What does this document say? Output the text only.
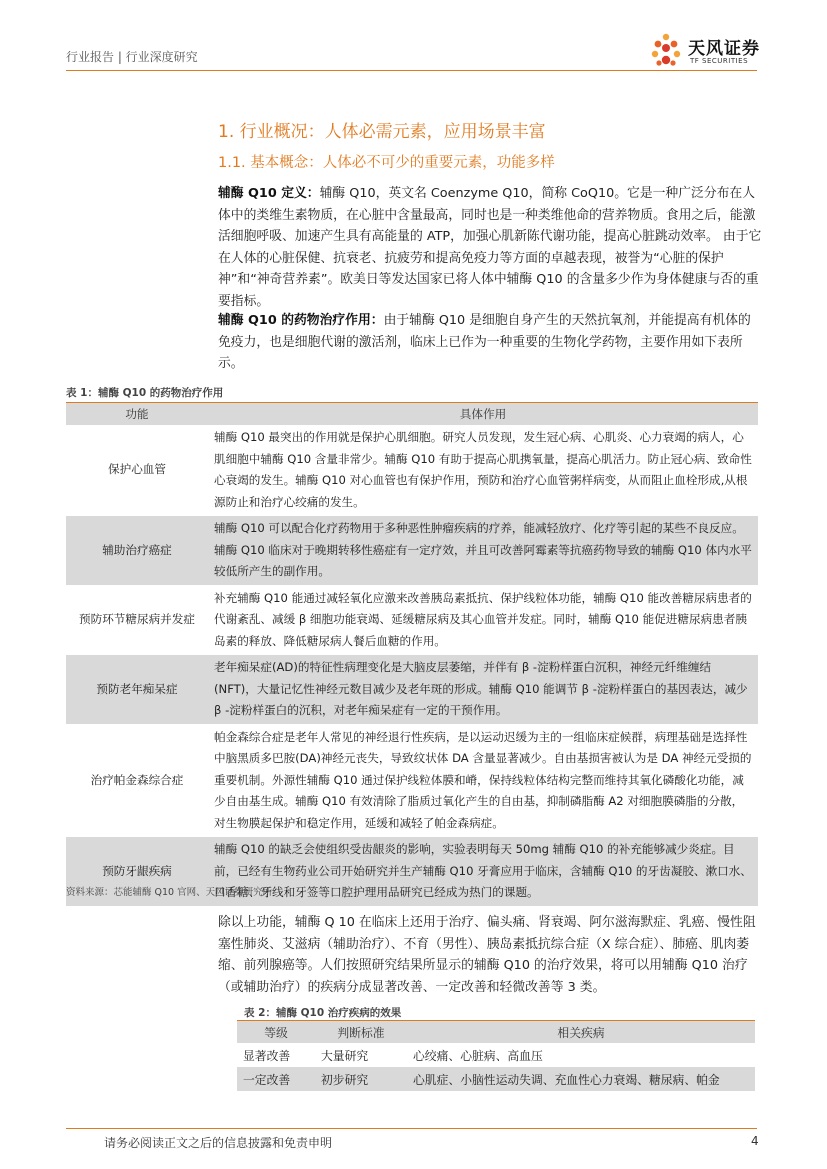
行业报告 | 行业深度研究	天风证券
TF SECURITIES
1. 行业概况：人体必需元素，应用场景丰富
1.1. 基本概念：人体必不可少的重要元素，功能多样
辅酶 Q10 定义：辅酶 Q10，英文名 Coenzyme Q10，简称 CoQ10。它是一种广泛分布在人体中的类维生素物质，在心脏中含量最高，同时也是一种类维他命的营养物质。食用之后，能激活细胞呼吸、加速产生具有高能量的 ATP，加强心肌新陈代谢功能，提高心脏跳动效率。 由于它在人体的心脏保健、抗衰老、抗疲劳和提高免疫力等方面的卓越表现，被誉为“心脏的保护神”和“神奇营养素”。欧美日等发达国家已将人体中辅酶 Q10 的含量多少作为身体健康与否的重要指标。
辅酶 Q10 的药物治疗作用：由于辅酶 Q10 是细胞自身产生的天然抗氧剂，并能提高有机体的免疫力，也是细胞代谢的激活剂，临床上已作为一种重要的生物化学药物，主要作用如下表所示。
表 1：辅酶 Q10 的药物治疗作用
功能	具体作用
保护心血管	辅酶 Q10 最突出的作用就是保护心肌细胞。研究人员发现，发生冠心病、心肌炎、心力衰竭的病人，心肌细胞中辅酶 Q10 含量非常少。辅酶 Q10 有助于提高心肌携氧量，提高心肌活力。防止冠心病、致命性心衰竭的发生。辅酶 Q10 对心血管也有保护作用，预防和治疗心血管粥样病变，从而阻止血栓形成,从根源防止和治疗心绞痛的发生。
辅助治疗癌症	辅酶 Q10 可以配合化疗药物用于多种恶性肿瘤疾病的疗养，能减轻放疗、化疗等引起的某些不良反应。辅酶 Q10 临床对于晚期转移性癌症有一定疗效，并且可改善阿霉素等抗癌药物导致的辅酶 Q10 体内水平较低所产生的副作用。
预防环节糖尿病并发症	补充辅酶 Q10 能通过减轻氧化应激来改善胰岛素抵抗、保护线粒体功能，辅酶 Q10 能改善糖尿病患者的代谢紊乱、减缓 β 细胞功能衰竭、延缓糖尿病及其心血管并发症。同时，辅酶 Q10 能促进糖尿病患者胰岛素的释放、降低糖尿病人餐后血糖的作用。
预防老年痴呆症	老年痴呆症(AD)的特征性病理变化是大脑皮层萎缩，并伴有 β -淀粉样蛋白沉积，神经元纤维缠结(NFT)，大量记忆性神经元数目减少及老年斑的形成。辅酶 Q10 能调节 β -淀粉样蛋白的基因表达，减少 β -淀粉样蛋白的沉积，对老年痴呆症有一定的干预作用。
治疗帕金森综合症	帕金森综合症是老年人常见的神经退行性疾病，是以运动迟缓为主的一组临床症候群，病理基础是选择性中脑黑质多巴胺(DA)神经元丧失，导致纹状体 DA 含量显著减少。自由基损害被认为是 DA 神经元受损的重要机制。外源性辅酶 Q10 通过保护线粒体膜和嵴，保持线粒体结构完整而维持其氧化磷酸化功能，减少自由基生成。辅酶 Q10 有效清除了脂质过氧化产生的自由基，抑制磷脂酶 A2 对细胞膜磷脂的分散，对生物膜起保护和稳定作用，延缓和减轻了帕金森病症。
预防牙龈疾病	辅酶 Q10 的缺乏会使组织受齿龈炎的影响，实验表明每天 50mg 辅酶 Q10 的补充能够减少炎症。目前，已经有生物药业公司开始研究并生产辅酶 Q10 牙膏应用于临床，含辅酶 Q10 的牙齿凝胶、漱口水、口香糖、牙线和牙签等口腔护理用品研究已经成为热门的课题。
资料来源：芯能辅酶 Q10 官网、天风证券研究所
除以上功能，辅酶 Q 10 在临床上还用于治疗、偏头痛、肾衰竭、阿尔滋海默症、乳癌、慢性阻塞性肺炎、艾滋病（辅助治疗）、不育（男性）、胰岛素抵抗综合症（X 综合症）、肺癌、肌肉萎缩、前列腺癌等。人们按照研究结果所显示的辅酶 Q10 的治疗效果，将可以用辅酶 Q10 治疗（或辅助治疗）的疾病分成显著改善、一定改善和轻微改善等 3 类。
表 2：辅酶 Q10 治疗疾病的效果
等级	判断标准	相关疾病
显著改善	大量研究	心绞痛、心脏病、高血压
一定改善	初步研究	心肌症、小脑性运动失调、充血性心力衰竭、糖尿病、帕金
请务必阅读正文之后的信息披露和免责申明	4
